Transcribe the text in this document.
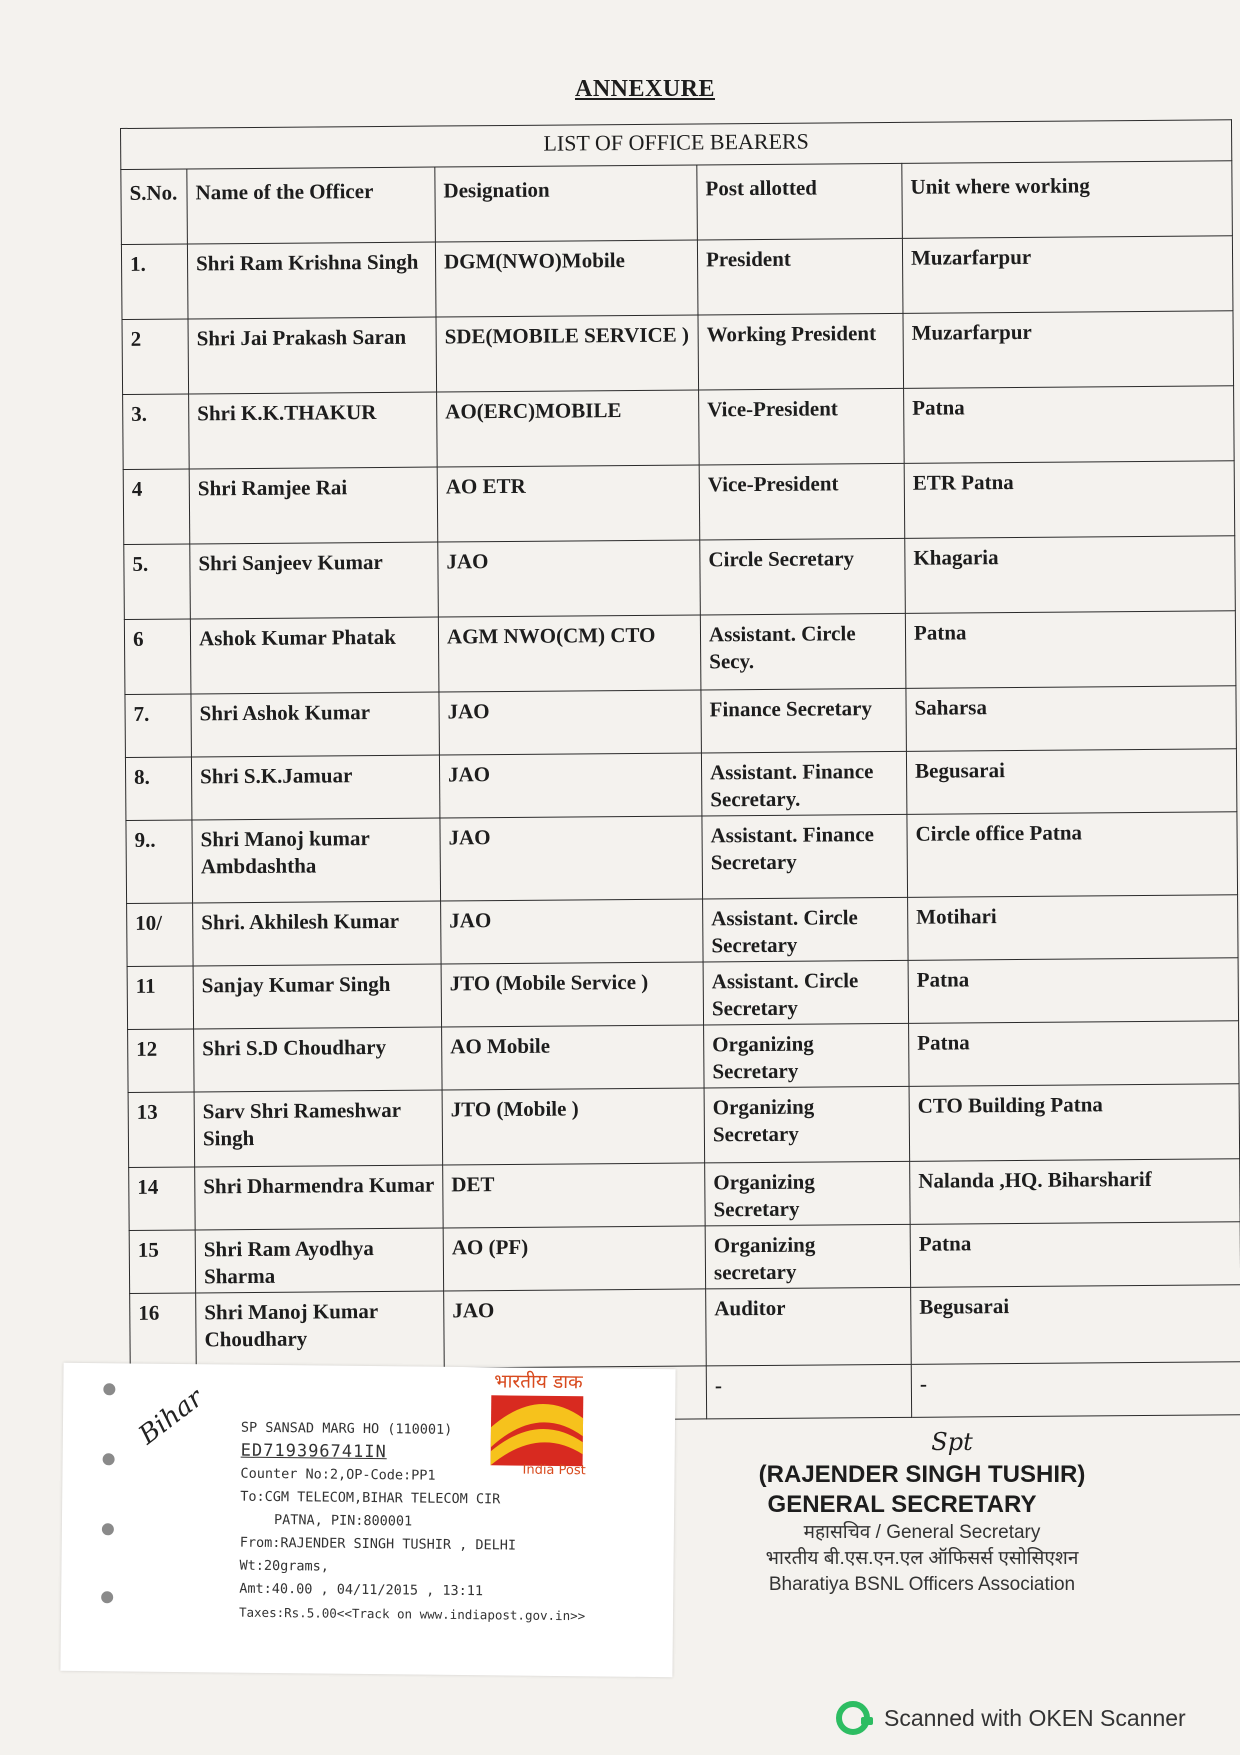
ANNEXURE
LIST OF OFFICE BEARERS				
S.No.	Name of the Officer	Designation	Post allotted	Unit where working
1.	Shri Ram Krishna Singh	DGM(NWO)Mobile	President	Muzarfarpur
2	Shri Jai Prakash Saran	SDE(MOBILE SERVICE )	Working President	Muzarfarpur
3.	Shri K.K.THAKUR	AO(ERC)MOBILE	Vice-President	Patna
4	Shri Ramjee Rai	AO ETR	Vice-President	ETR Patna
5.	Shri Sanjeev Kumar	JAO	Circle Secretary	Khagaria
6	Ashok Kumar Phatak	AGM NWO(CM) CTO	Assistant. Circle Secy.	Patna
7.	Shri Ashok Kumar	JAO	Finance Secretary	Saharsa
8.	Shri S.K.Jamuar	JAO	Assistant. Finance Secretary.	Begusarai
9..	Shri Manoj kumar Ambdashtha	JAO	Assistant. Finance Secretary	Circle office Patna
10/	Shri. Akhilesh Kumar	JAO	Assistant. Circle Secretary	Motihari
11	Sanjay Kumar Singh	JTO (Mobile Service )	Assistant. Circle Secretary	Patna
12	Shri S.D Choudhary	AO Mobile	Organizing Secretary	Patna
13	Sarv Shri Rameshwar Singh	JTO (Mobile )	Organizing Secretary	CTO Building Patna
14	Shri Dharmendra Kumar	DET	Organizing Secretary	Nalanda ,HQ. Biharsharif
15	Shri Ram Ayodhya Sharma	AO (PF)	Organizing secretary	Patna
16	Shri Manoj Kumar Choudhary	JAO	Auditor	Begusarai
			-	-
Bihar
भारतीय डाक
India Post
SP SANSAD MARG HO (110001)
ED719396741IN
Counter No:2,OP-Code:PP1
To:CGM TELECOM,BIHAR TELECOM CIR
PATNA, PIN:800001
From:RAJENDER SINGH TUSHIR , DELHI
Wt:20grams,
Amt:40.00 , 04/11/2015 , 13:11
Taxes:Rs.5.00<<Track on www.indiapost.gov.in>>
Spt
(RAJENDER SINGH TUSHIR)
GENERAL SECRETARY
महासचिव / General Secretary
भारतीय बी.एस.एन.एल ऑफिसर्स एसोसिएशन
Bharatiya BSNL Officers Association
Scanned with OKEN Scanner
